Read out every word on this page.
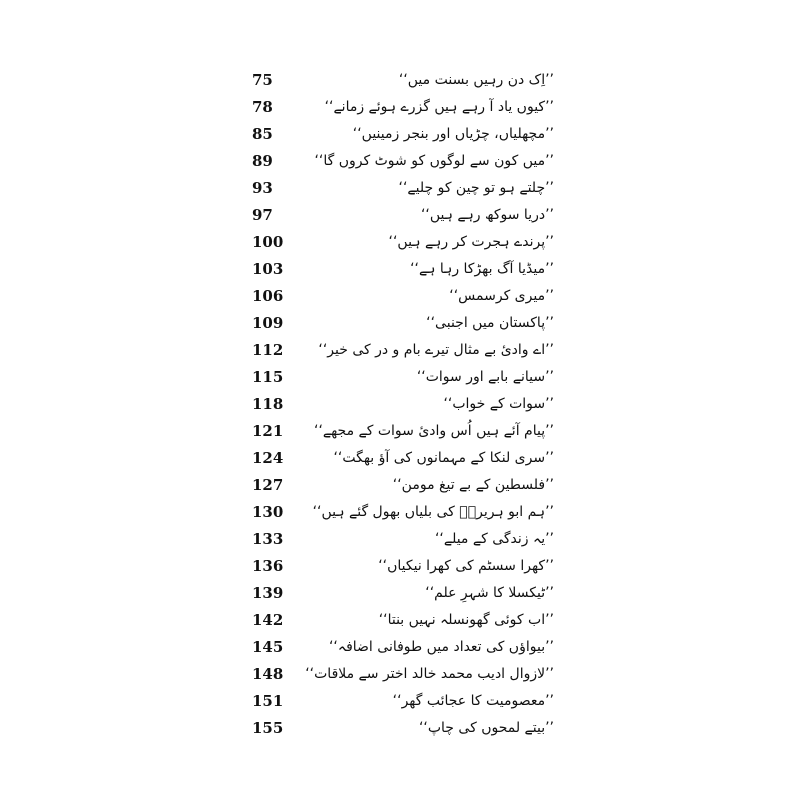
75	’’اِک دن رہیں بسنت میں‘‘
78	’’کیوں یاد آ رہے ہیں گزرے ہوئے زمانے‘‘
85	’’مچھلیاں، چڑیاں اور بنجر زمینیں‘‘
89	’’میں کون سے لوگوں کو شوٹ کروں گا‘‘
93	’’چلتے ہو تو چین کو چلیے‘‘
97	’’دریا سوکھ رہے ہیں‘‘
100	’’پرندے ہجرت کر رہے ہیں‘‘
103	’’میڈیا آگ بھڑکا رہا ہے‘‘
106	’’میری کرسمس‘‘
109	’’پاکستان میں اجنبی‘‘
112	’’اے وادیٔ بے مثال تیرے بام و در کی خیر‘‘
115	’’سیانے بابے اور سوات‘‘
118	’’سوات کے خواب‘‘
121	’’پیام آئے ہیں اُس وادیٔ سوات کے مجھے‘‘
124	’’سری لنکا کے مہمانوں کی آؤ بھگت‘‘
127	’’فلسطین کے بے تیغ مومن‘‘
130	’’ہم ابو ہریرہؓ کی بلیاں بھول گئے ہیں‘‘
133	’’یہ زندگی کے میلے‘‘
136	’’کھرا سسٹم کی کھرا نیکیاں‘‘
139	’’ٹیکسلا کا شہرِ علم‘‘
142	’’اب کوئی گھونسلہ نہیں بنتا‘‘
145	’’بیواؤں کی تعداد میں طوفانی اضافہ‘‘
148	’’لازوال ادیب محمد خالد اختر سے ملاقات‘‘
151	’’معصومیت کا عجائب گھر‘‘
155	’’بیتے لمحوں کی چاپ‘‘
